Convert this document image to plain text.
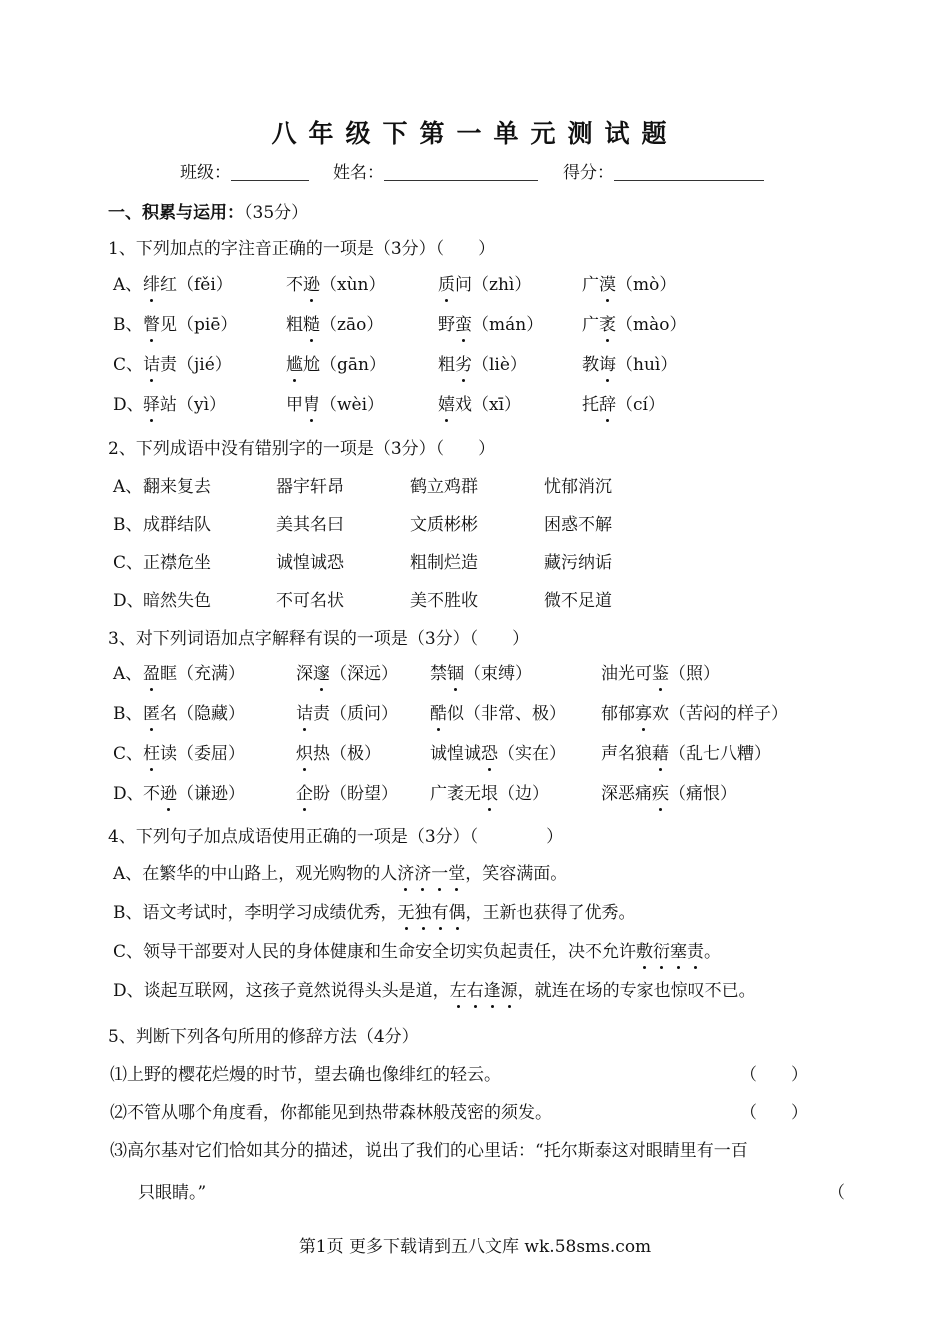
八年级下第一单元测试题
班级：	姓名：	得分：
一、积累与运用：（35分）
1、下列加点的字注音正确的一项是（3分）（　　）
A、 绯红（fěi）	不逊（xùn）	质问（zhì）	广漠（mò）
B、 瞥见（piē）	粗糙（zāo）	野蛮（mán） 广袤（mào）
C、 诘责（jié）	尴尬（gān）	粗劣（liè）	教诲（huì）
D、 驿站（yì）	甲胄（wèi）	嬉戏（xī）	托辞（cí）
2、下列成语中没有错别字的一项是（3分）（　　）
A、 翻来复去	器宇轩昂	鹤立鸡群	忧郁消沉
B、 成群结队	美其名曰	文质彬彬	困惑不解
C、 正襟危坐	诚惶诚恐	粗制烂造	藏污纳诟
D、 暗然失色	不可名状	美不胜收	微不足道
3、对下列词语加点字解释有误的一项是（3分）（　　）
A、 盈眶（充满）	深邃（深远） 禁锢（束缚）	油光可鉴（照）
B、 匿名（隐藏）	诘责（质问） 酷似（非常、极） 郁郁寡欢（苦闷的样子）
C、 枉读（委屈）	炽热（极）	诚惶诚恐（实在） 声名狼藉（乱七八糟）
D、 不逊（谦逊）	企盼（盼望） 广袤无垠（边）	深恶痛疾（痛恨）
4、下列句子加点成语使用正确的一项是（3分）（　　　　）
A、在繁华的中山路上，观光购物的人济济一堂，笑容满面。
B、语文考试时，李明学习成绩优秀，无独有偶，王新也获得了优秀。
C、领导干部要对人民的身体健康和生命安全切实负起责任，决不允许敷衍塞责。
D、谈起互联网，这孩子竟然说得头头是道，左右逢源，就连在场的专家也惊叹不已。
5、判断下列各句所用的修辞方法（4分）
⑴上野的樱花烂熳的时节，望去确也像绯红的轻云。	（　　）
⑵不管从哪个角度看，你都能见到热带森林般茂密的须发。	（　　）
⑶高尔基对它们恰如其分的描述，说出了我们的心里话：“托尔斯泰这对眼睛里有一百
只眼睛。”	（
第1页 更多下载请到五八文库 wk.58sms.com
